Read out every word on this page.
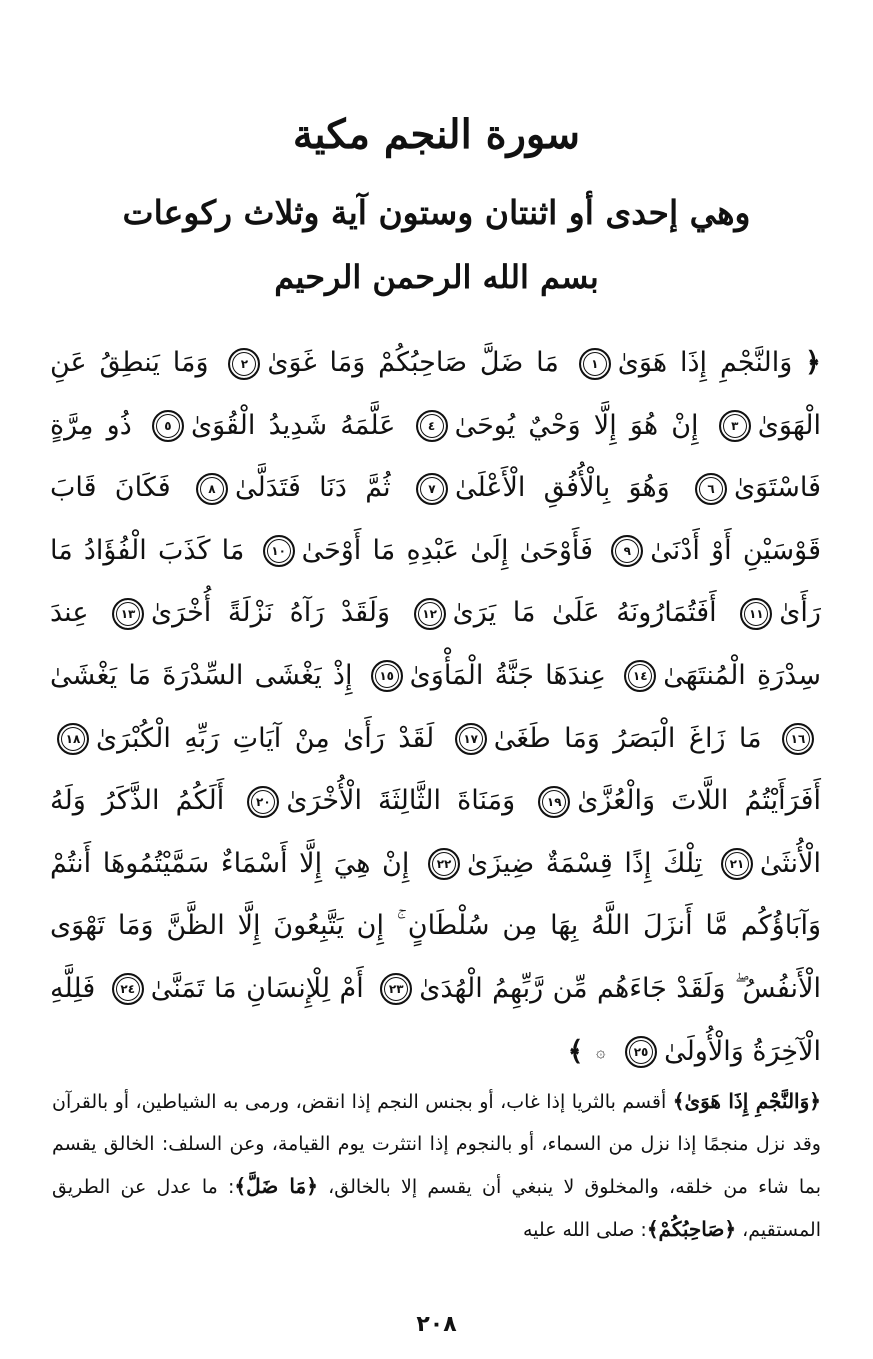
سورة النجم مكية
وهي إحدى أو اثنتان وستون آية وثلاث ركوعات
بسم الله الرحمن الرحيم
﴿ وَالنَّجْمِ إِذَا هَوَىٰ١ مَا ضَلَّ صَاحِبُكُمْ وَمَا غَوَىٰ٢ وَمَا يَنطِقُ عَنِ الْهَوَىٰ٣ إِنْ هُوَ إِلَّا وَحْيٌ يُوحَىٰ٤ عَلَّمَهُ شَدِيدُ الْقُوَىٰ٥ ذُو مِرَّةٍ فَاسْتَوَىٰ٦ وَهُوَ بِالْأُفُقِ الْأَعْلَىٰ٧ ثُمَّ دَنَا فَتَدَلَّىٰ٨ فَكَانَ قَابَ قَوْسَيْنِ أَوْ أَدْنَىٰ٩ فَأَوْحَىٰ إِلَىٰ عَبْدِهِ مَا أَوْحَىٰ١٠ مَا كَذَبَ الْفُؤَادُ مَا رَأَىٰ١١ أَفَتُمَارُونَهُ عَلَىٰ مَا يَرَىٰ١٢ وَلَقَدْ رَآهُ نَزْلَةً أُخْرَىٰ١٣ عِندَ سِدْرَةِ الْمُنتَهَىٰ١٤ عِندَهَا جَنَّةُ الْمَأْوَىٰ١٥ إِذْ يَغْشَى السِّدْرَةَ مَا يَغْشَىٰ١٦ مَا زَاغَ الْبَصَرُ وَمَا طَغَىٰ١٧ لَقَدْ رَأَىٰ مِنْ آيَاتِ رَبِّهِ الْكُبْرَىٰ١٨ أَفَرَأَيْتُمُ اللَّاتَ وَالْعُزَّىٰ١٩ وَمَنَاةَ الثَّالِثَةَ الْأُخْرَىٰ٢٠ أَلَكُمُ الذَّكَرُ وَلَهُ الْأُنثَىٰ٢١ تِلْكَ إِذًا قِسْمَةٌ ضِيزَىٰ٢٢ إِنْ هِيَ إِلَّا أَسْمَاءٌ سَمَّيْتُمُوهَا أَنتُمْ وَآبَاؤُكُم مَّا أَنزَلَ اللَّهُ بِهَا مِن سُلْطَانٍ ۚ إِن يَتَّبِعُونَ إِلَّا الظَّنَّ وَمَا تَهْوَى الْأَنفُسُ ۖ وَلَقَدْ جَاءَهُم مِّن رَّبِّهِمُ الْهُدَىٰ٢٣ أَمْ لِلْإِنسَانِ مَا تَمَنَّىٰ٢٤ فَلِلَّهِ الْآخِرَةُ وَالْأُولَىٰ٢٥ ۞ ﴾
﴿وَالنَّجْمِ إِذَا هَوَىٰ﴾ أقسم بالثريا إذا غاب، أو بجنس النجم إذا انقض، ورمى به الشياطين، أو بالقرآن وقد نزل منجمًا إذا نزل من السماء، أو بالنجوم إذا انتثرت يوم القيامة، وعن السلف: الخالق يقسم بما شاء من خلقه، والمخلوق لا ينبغي أن يقسم إلا بالخالق، ﴿مَا ضَلَّ﴾: ما عدل عن الطريق المستقيم، ﴿صَاحِبُكُمْ﴾: صلى الله عليه
٢٠٨
